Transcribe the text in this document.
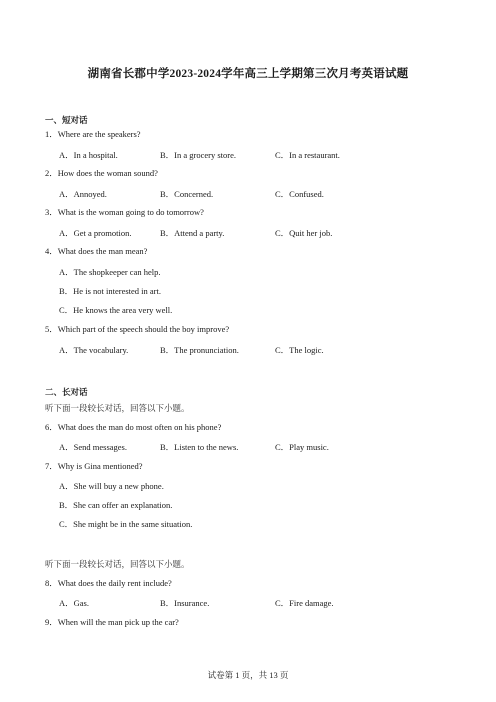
湖南省长郡中学2023-2024学年高三上学期第三次月考英语试题
一、短对话
1．Where are the speakers?
A．In a hospital.	B．In a grocery store.	C．In a restaurant.
2．How does the woman sound?
A．Annoyed.	B．Concerned.	C．Confused.
3．What is the woman going to do tomorrow?
A．Get a promotion.	B．Attend a party.	C．Quit her job.
4．What does the man mean?
A．The shopkeeper can help.
B．He is not interested in art.
C．He knows the area very well.
5．Which part of the speech should the boy improve?
A．The vocabulary.	B．The pronunciation.	C．The logic.
二、长对话
听下面一段较长对话，回答以下小题。
6．What does the man do most often on his phone?
A．Send messages.	B．Listen to the news.	C．Play music.
7．Why is Gina mentioned?
A．She will buy a new phone.
B．She can offer an explanation.
C．She might be in the same situation.
听下面一段较长对话，回答以下小题。
8．What does the daily rent include?
A．Gas.	B．Insurance.	C．Fire damage.
9．When will the man pick up the car?
试卷第 1 页，共 13 页
